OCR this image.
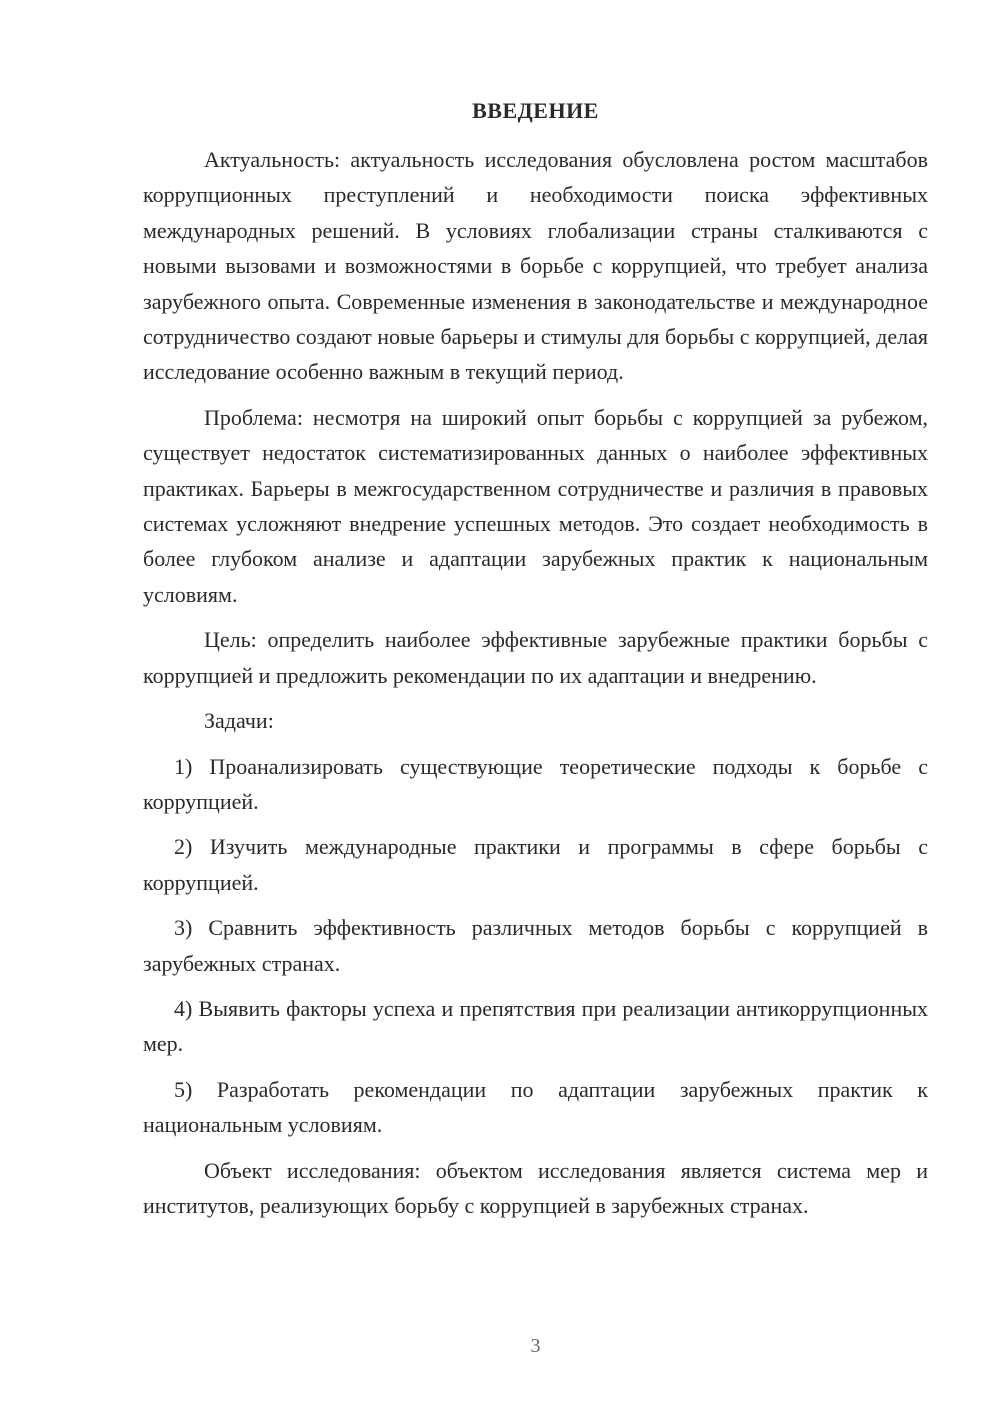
ВВЕДЕНИЕ

Актуальность: актуальность исследования обусловлена ростом масштабов коррупционных преступлений и необходимости поиска эффективных международных решений. В условиях глобализации страны сталкиваются с новыми вызовами и возможностями в борьбе с коррупцией, что требует анализа зарубежного опыта. Современные изменения в законодательстве и международное сотрудничество создают новые барьеры и стимулы для борьбы с коррупцией, делая исследование особенно важным в текущий период.

Проблема: несмотря на широкий опыт борьбы с коррупцией за рубежом, существует недостаток систематизированных данных о наиболее эффективных практиках. Барьеры в межгосударственном сотрудничестве и различия в правовых системах усложняют внедрение успешных методов. Это создает необходимость в более глубоком анализе и адаптации зарубежных практик к национальным условиям.

Цель: определить наиболее эффективные зарубежные практики борьбы с коррупцией и предложить рекомендации по их адаптации и внедрению.

Задачи:

1) Проанализировать существующие теоретические подходы к борьбе с коррупцией.

2) Изучить международные практики и программы в сфере борьбы с коррупцией.

3) Сравнить эффективность различных методов борьбы с коррупцией в зарубежных странах.

4) Выявить факторы успеха и препятствия при реализации антикоррупционных мер.

5) Разработать рекомендации по адаптации зарубежных практик к национальным условиям.

Объект исследования: объектом исследования является система мер и институтов, реализующих борьбу с коррупцией в зарубежных странах.

3
